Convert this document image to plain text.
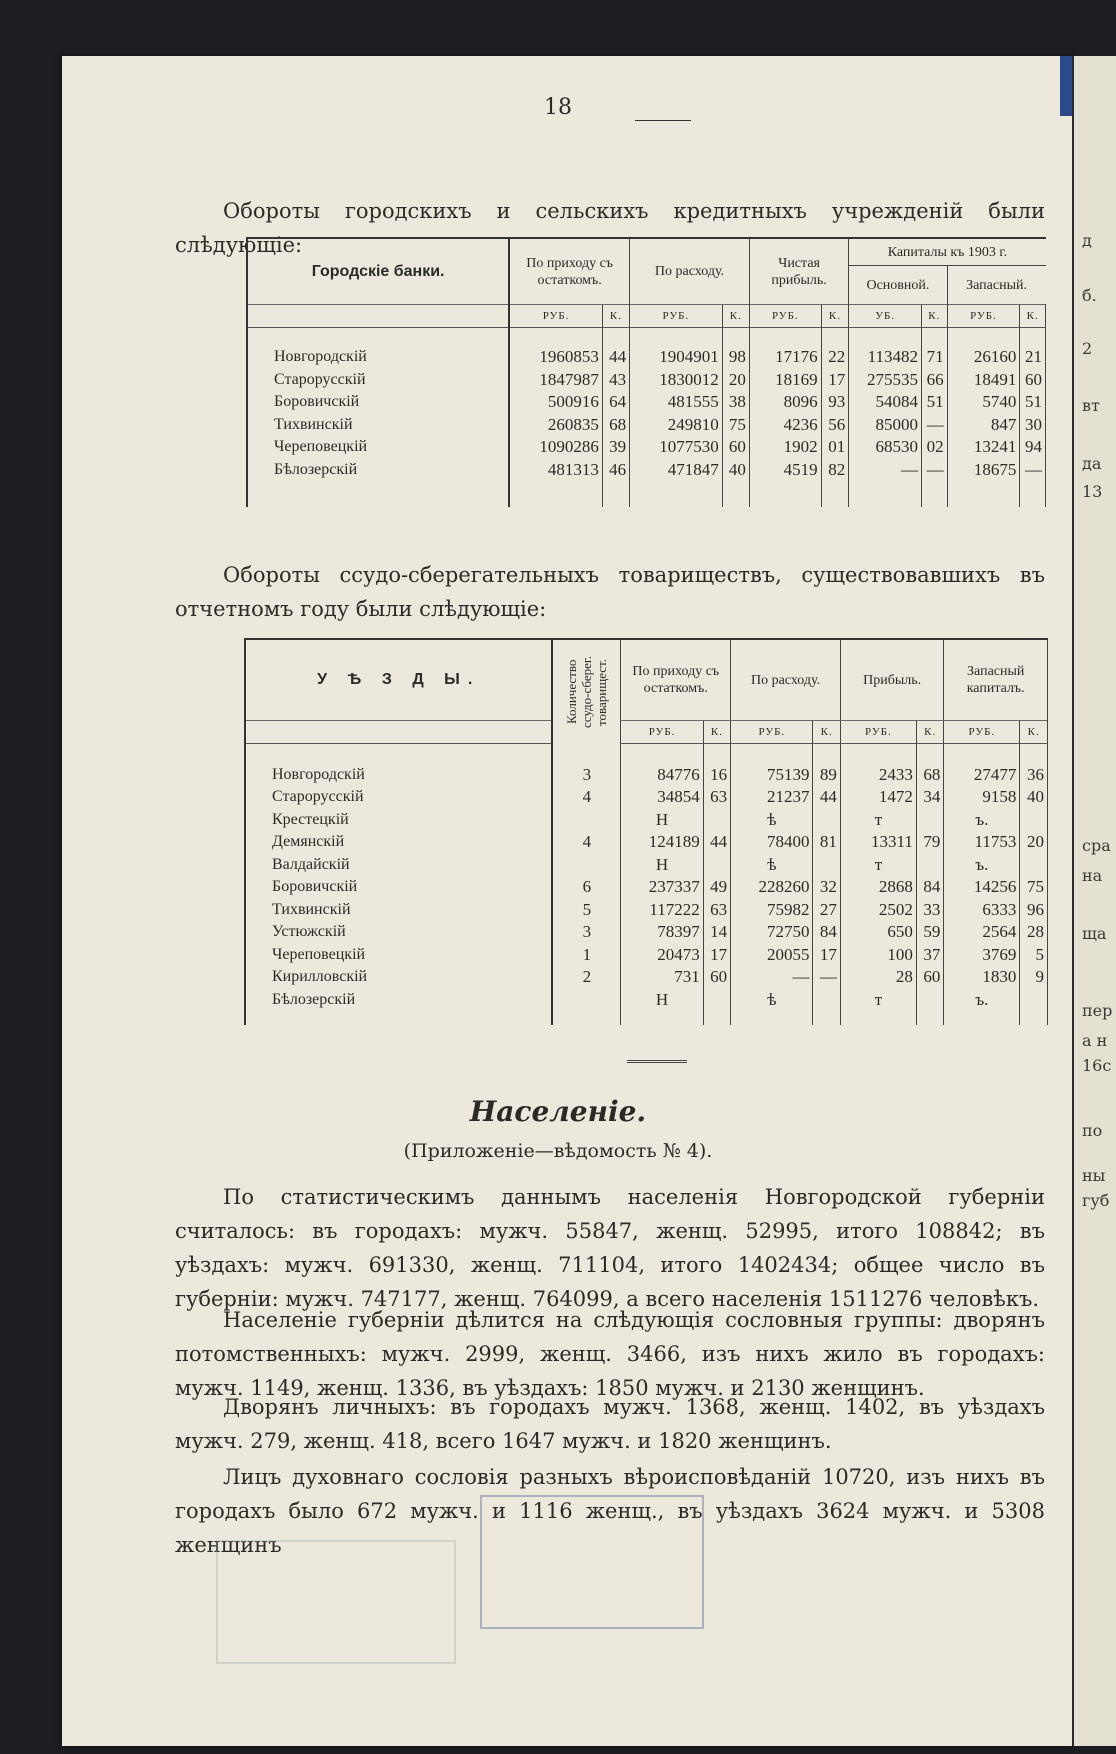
д
б.
2
вт
да
13
сра
на
ща
пер
а н
16с
по
ны
губ
18
Обороты городскихъ и сельскихъ кредитныхъ учрежденій были слѣдующіе:
Городскіе банки.	По приходу съ остаткомъ.		По расходу.		Чистая прибыль.		Капиталы къ 1903 г.			
							Основной.		Запасный.	
	РУБ.	К.	РУБ.	К.	РУБ.	К.	УБ.	К.	РУБ.	К.
Новгородскій	1960853	44	1904901	98	17176	22	113482	71	26160	21
Старорусскій	1847987	43	1830012	20	18169	17	275535	66	18491	60
Боровичскій	500916	64	481555	38	8096	93	54084	51	5740	51
Тихвинскій	260835	68	249810	75	4236	56	85000	—	847	30
Череповецкій	1090286	39	1077530	60	1902	01	68530	02	13241	94
Бѣлозерскій	481313	46	471847	40	4519	82	—	—	18675	—

Обороты ссудо-сберегательныхъ товариществъ, существовавшихъ въ отчетномъ году были слѣдующіе:
У Ѣ З Д Ы.	Количество ссудо-сберег. товарищест.	По приходу съ остаткомъ.		По расходу.		Прибыль.		Запасный капиталъ.	

		РУБ.	К.	РУБ.	К.	РУБ.	К.	РУБ.	К.
Новгородскій	3	84776	16	75139	89	2433	68	27477	36
Старорусскій	4	34854	63	21237	44	1472	34	9158	40
Крестецкій		Н		ѣ		т		ъ.	
Демянскій	4	124189	44	78400	81	13311	79	11753	20
Валдайскій		Н		ѣ		т		ъ.	
Боровичскій	6	237337	49	228260	32	2868	84	14256	75
Тихвинскій	5	117222	63	75982	27	2502	33	6333	96
Устюжскій	3	78397	14	72750	84	650	59	2564	28
Череповецкій	1	20473	17	20055	17	100	37	3769	5
Кирилловскій	2	731	60	—	—	28	60	1830	9
Бѣлозерскій		Н		ѣ		т		ъ.	

Населеніе.
(Приложеніе—вѣдомость № 4).
По статистическимъ даннымъ населенія Новгородской губерніи считалось: въ городахъ: мужч. 55847, женщ. 52995, итого 108842; въ уѣздахъ: мужч. 691330, женщ. 711104, итого 1402434; общее число въ губерніи: мужч. 747177, женщ. 764099, а всего населенія 1511276 человѣкъ.
Населеніе губерніи дѣлится на слѣдующія сословныя группы: дворянъ потомственныхъ: мужч. 2999, женщ. 3466, изъ нихъ жило въ городахъ: мужч. 1149, женщ. 1336, въ уѣздахъ: 1850 мужч. и 2130 женщинъ.
Дворянъ личныхъ: въ городахъ мужч. 1368, женщ. 1402, въ уѣздахъ мужч. 279, женщ. 418, всего 1647 мужч. и 1820 женщинъ.
Лицъ духовнаго сословія разныхъ вѣроисповѣданій 10720, изъ нихъ въ городахъ было 672 мужч. и 1116 женщ., въ уѣздахъ 3624 мужч. и 5308 женщинъ
